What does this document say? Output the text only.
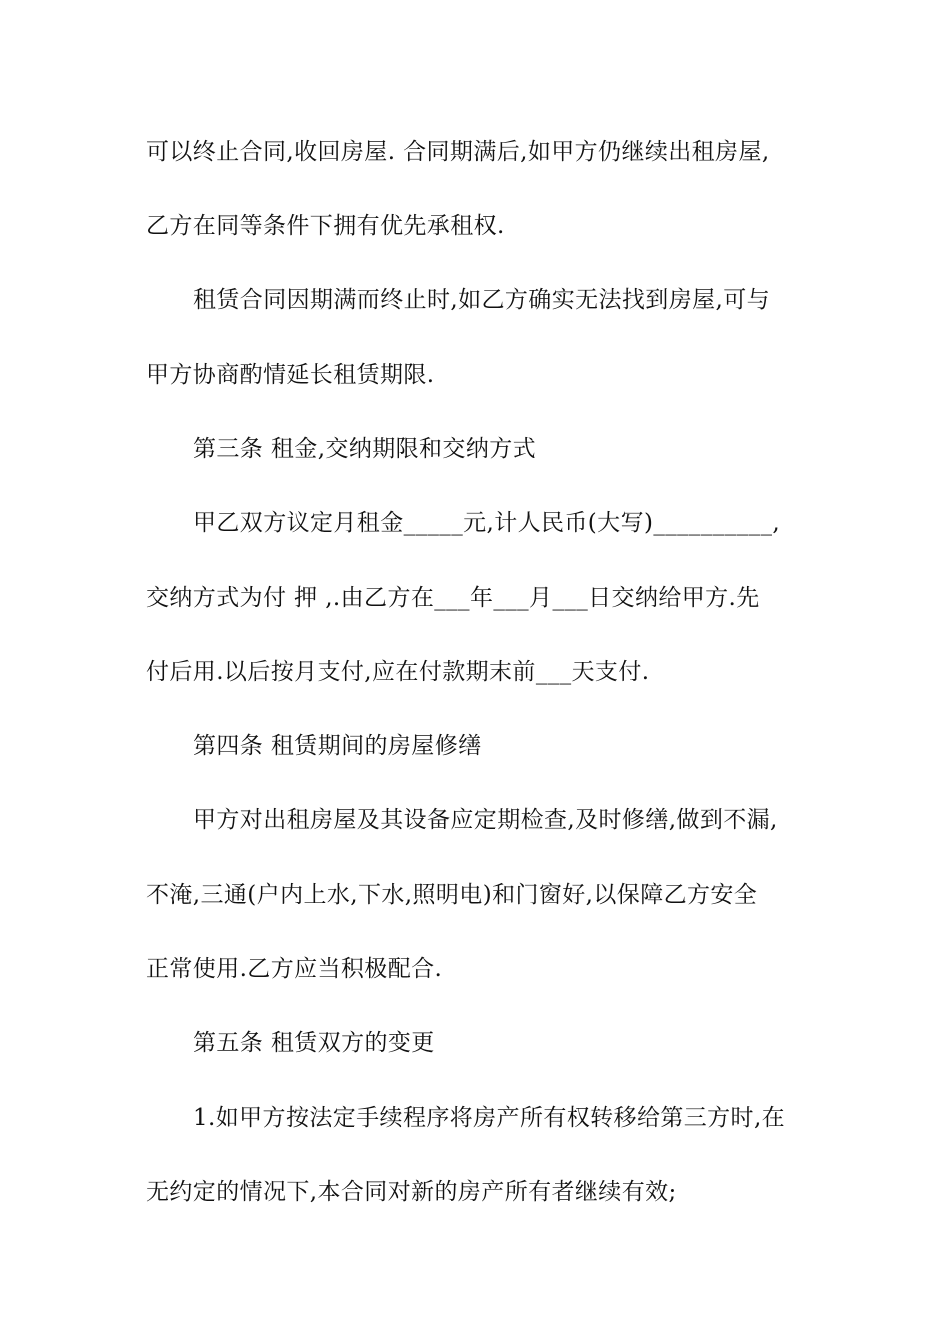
可以终止合同,收回房屋. 合同期满后,如甲方仍继续出租房屋,
乙方在同等条件下拥有优先承租权.
租赁合同因期满而终止时,如乙方确实无法找到房屋,可与
甲方协商酌情延长租赁期限.
第三条 租金,交纳期限和交纳方式
甲乙双方议定月租金_____元,计人民币(大写)__________,
交纳方式为付 押 ,.由乙方在___年___月___日交纳给甲方.先
付后用.以后按月支付,应在付款期末前___天支付.
第四条 租赁期间的房屋修缮
甲方对出租房屋及其设备应定期检查,及时修缮,做到不漏,
不淹,三通(户内上水,下水,照明电)和门窗好,以保障乙方安全
正常使用.乙方应当积极配合.
第五条 租赁双方的变更
1.如甲方按法定手续程序将房产所有权转移给第三方时,在
无约定的情况下,本合同对新的房产所有者继续有效;
